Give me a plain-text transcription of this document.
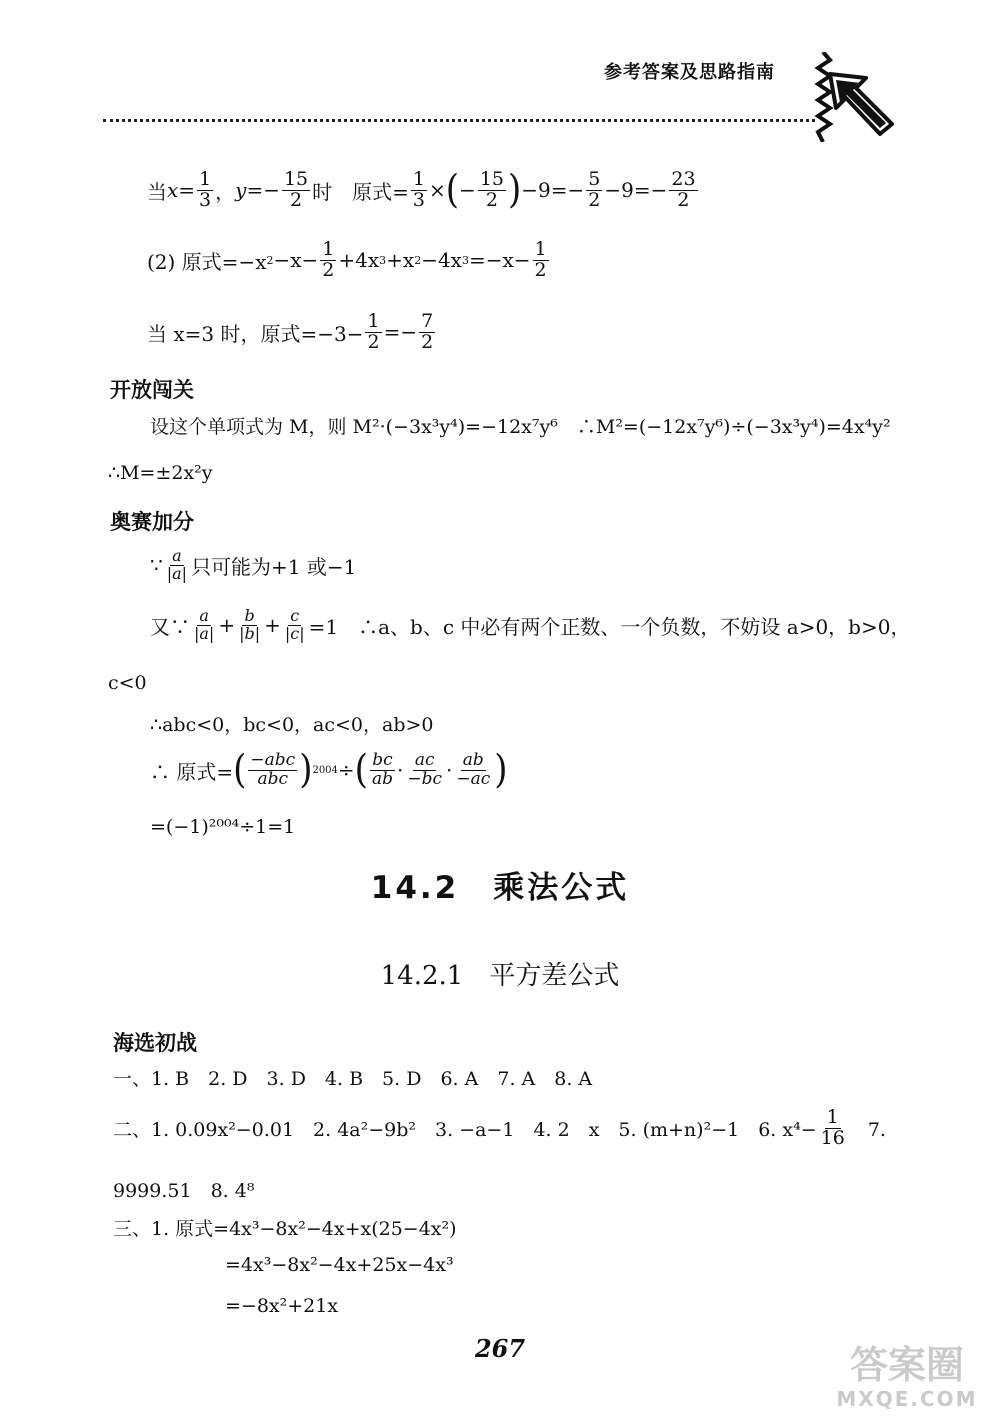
参考答案及思路指南
当 $x = \frac{1}{3}$ ， $y =- \frac{15}{2}$ 时　原式= $\frac{1}{3}$ × ( − $\frac{15}{2}$ ) $-9=- \frac{5}{2} -9=- \frac{23}{2}$
(2) 原式=−x $2 -x- \frac{1}{2} +4x$ 3 +x 2 −4x $3 =-x- \frac{1}{2}$
当 x=3 时，原式$=-3- \frac{1}{2} =- \frac{7}{2}$
开放闯关
设这个单项式为 M，则 M²·(−3x³y⁴)=−12x⁷y⁶　∴M²=(−12x⁷y⁶)÷(−3x³y⁴)=4x⁴y²
∴M=±2x²y
奥赛加分
∵ $\frac{a}{|a|}$ 只可能为+1 或−1
又∵ $\frac{a}{|a|} + \frac{b}{|b|} + \frac{c}{|c|} =1$　∴a、b、c 中必有两个正数、一个负数，不妨设 a>0，b>0，
c<0
∴abc<0，bc<0，ac<0，ab>0
∴ 原式= ( $\frac{\text{−abc}}{\text{abc}}$ ) 2004 ÷ ( $\frac{bc}{ab} \cdot \frac{ac}{-bc} \cdot \frac{ab}{-ac}$ )
=(−1)²⁰⁰⁴÷1=1
14.2　乘法公式
14.2.1　平方差公式
海选初战
一、1. B　2. D　3. D　4. B　5. D　6. A　7. A　8. A
二、1. 0.09x²−0.01　2. 4a²−9b²　3. −a−1　4. 2　x　5. (m+n)²−1　6. $x^4- \frac{1}{16}$ 　7.
9999.51　8. 4⁸
三、1. 原式=4x³−8x²−4x+x(25−4x²)
=4x³−8x²−4x+25x−4x³
=−8x²+21x
267	答案圈
MXQE.COM
